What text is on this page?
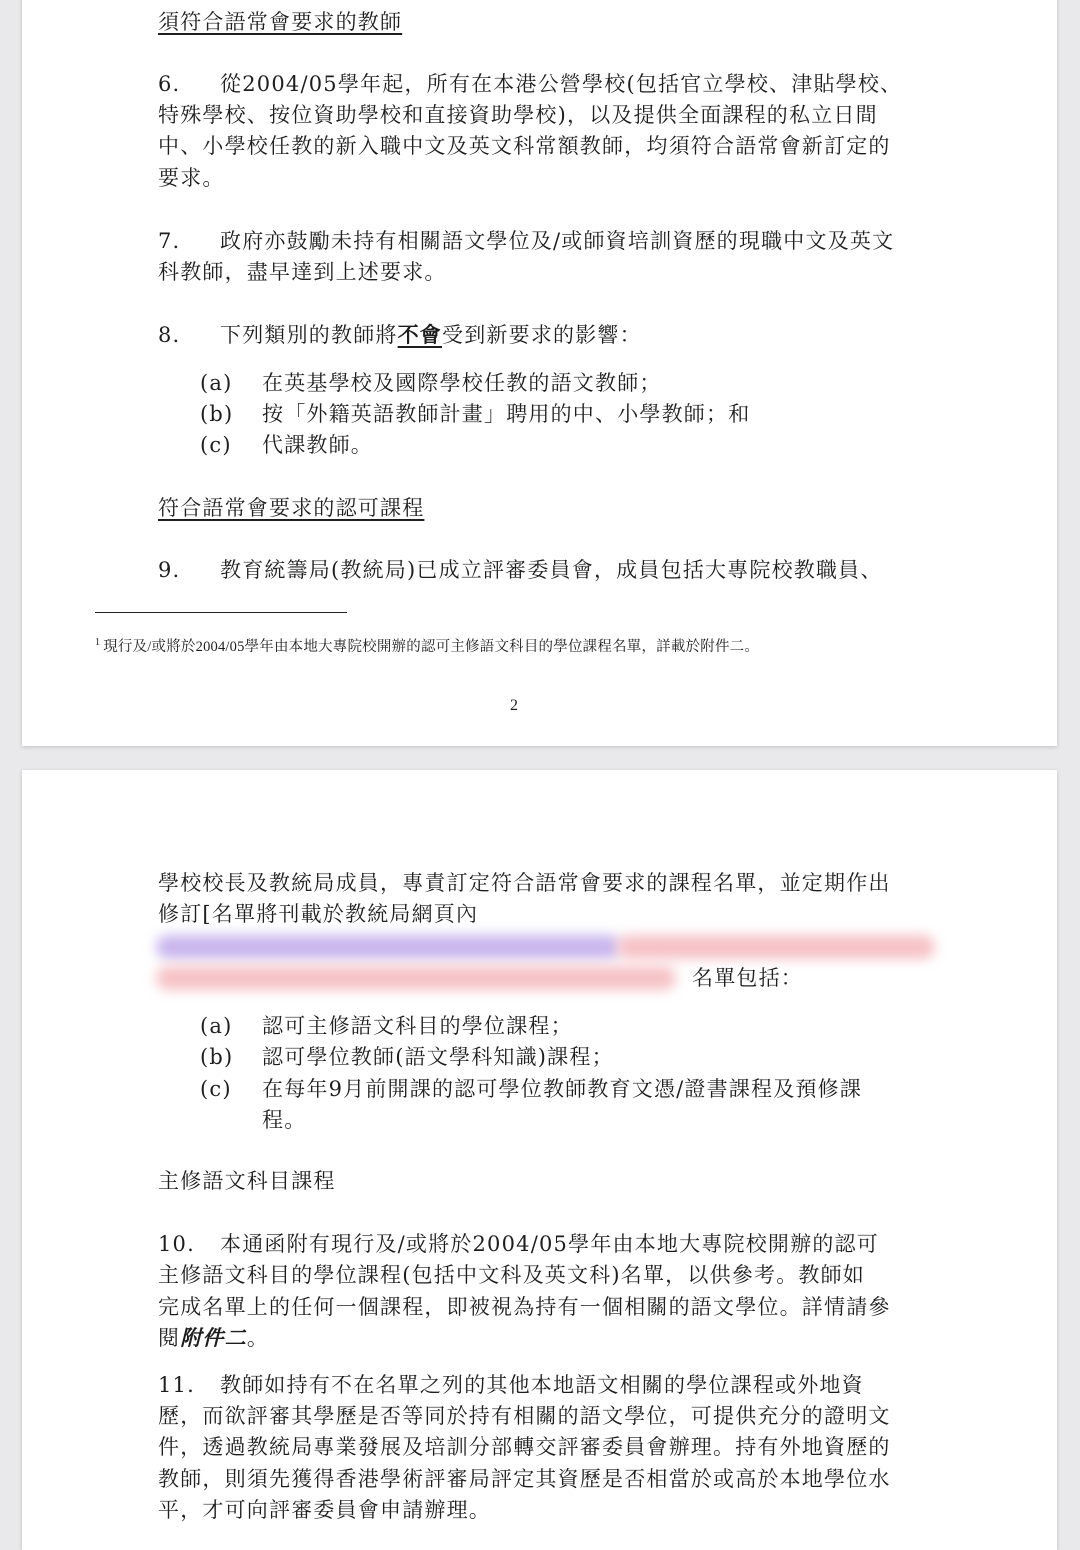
須符合語常會要求的教師
6. 從2004/05學年起，所有在本港公營學校(包括官立學校、津貼學校、
特殊學校、按位資助學校和直接資助學校)，以及提供全面課程的私立日間
中、小學校任教的新入職中文及英文科常額教師，均須符合語常會新訂定的
要求。
7. 政府亦鼓勵未持有相關語文學位及/或師資培訓資歷的現職中文及英文
科教師，盡早達到上述要求。
8. 下列類別的教師將不會受到新要求的影響：
(a) 在英基學校及國際學校任教的語文教師；
(b) 按「外籍英語教師計畫」聘用的中、小學教師；和
(c) 代課教師。
符合語常會要求的認可課程
9. 教育統籌局(教統局)已成立評審委員會，成員包括大專院校教職員、
$^1$ 現行及/或將於2004/05學年由本地大專院校開辦的認可主修語文科目的學位課程名單，詳載於附件二。
2
學校校長及教統局成員，專責訂定符合語常會要求的課程名單，並定期作出
修訂[名單將刊載於教統局網頁內
名單包括：
(a) 認可主修語文科目的學位課程；
(b) 認可學位教師(語文學科知識)課程；
(c) 在每年9月前開課的認可學位教師教育文憑/證書課程及預修課
程。
主修語文科目課程
10. 本通函附有現行及/或將於2004/05學年由本地大專院校開辦的認可
主修語文科目的學位課程(包括中文科及英文科)名單，以供參考。教師如
完成名單上的任何一個課程，即被視為持有一個相關的語文學位。詳情請參
閱附件二。
11. 教師如持有不在名單之列的其他本地語文相關的學位課程或外地資
歷，而欲評審其學歷是否等同於持有相關的語文學位，可提供充分的證明文
件，透過教統局專業發展及培訓分部轉交評審委員會辦理。持有外地資歷的
教師，則須先獲得香港學術評審局評定其資歷是否相當於或高於本地學位水
平，才可向評審委員會申請辦理。
